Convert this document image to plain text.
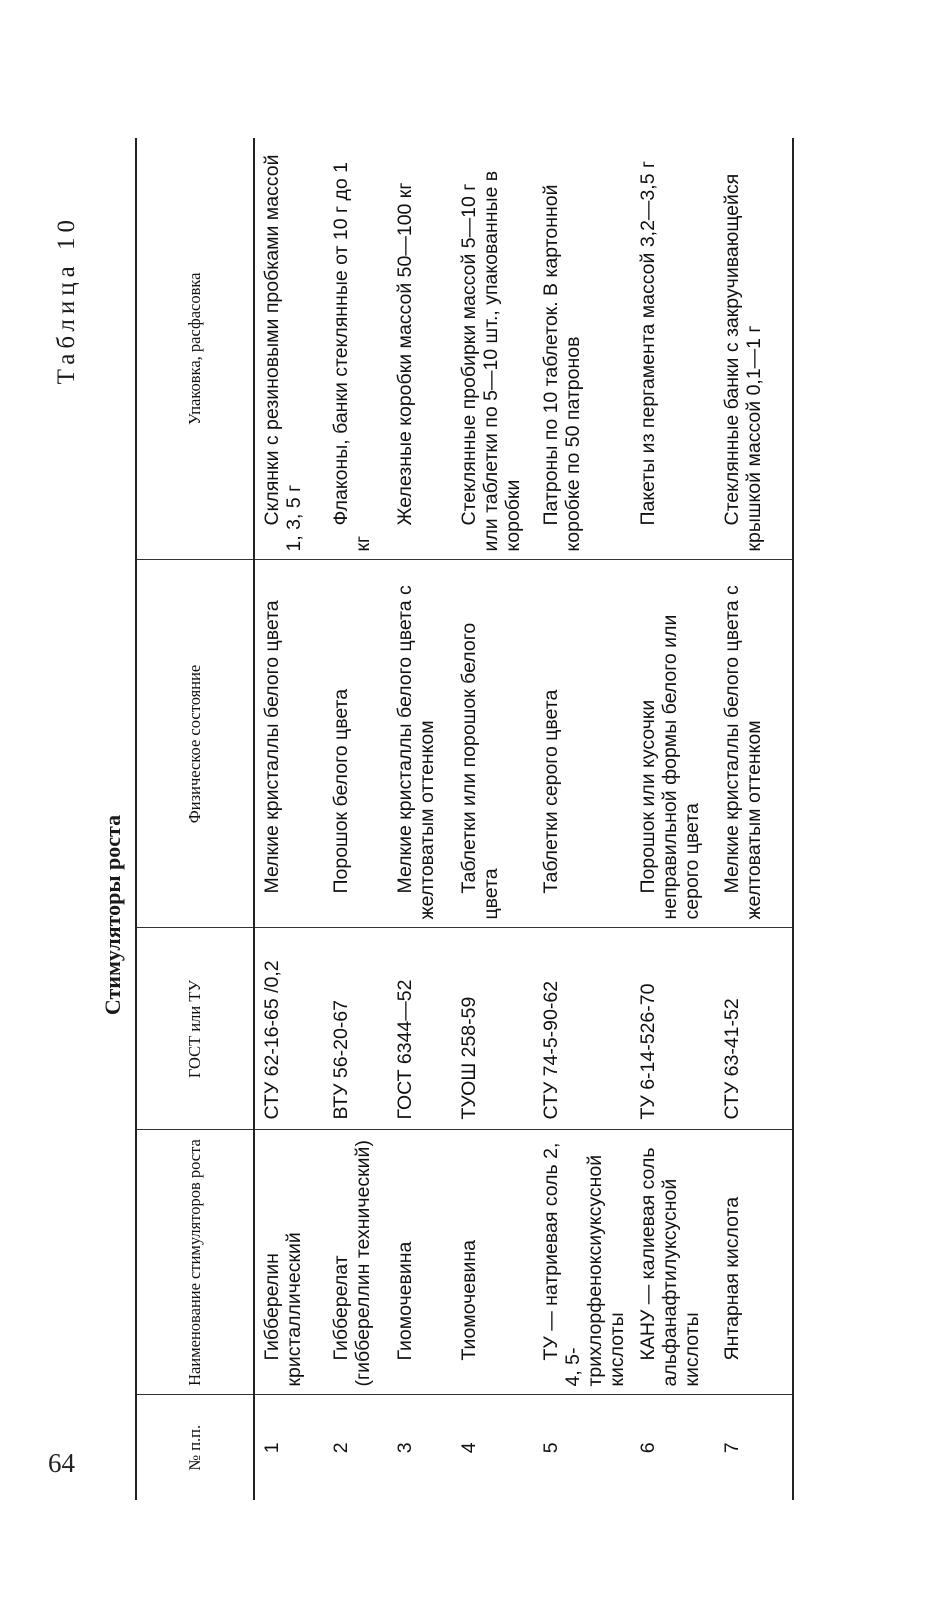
64
Таблица 10
Стимуляторы роста
№ п.п.	Наименование стимуляторов роста	ГОСТ или ТУ	Физическое состояние	Упаковка, расфасовка
1	Гибберелин кристаллический	СТУ 62-16-65 /0,2	Мелкие кристаллы белого цвета	Склянки с резиновыми пробками массой 1, 3, 5 г
2	Гибберелат (гиббереллин технический)	ВТУ 56-20-67	Порошок белого цвета	Флаконы, банки стеклянные от 10 г до 1 кг
3	Гиомочевина	ГОСТ 6344—52	Мелкие кристаллы белого цвета с желтоватым оттенком	Железные коробки массой 50—100 кг
4	Тиомочевина	ТУОШ 258-59	Таблетки или порошок белого цвета	Стеклянные пробирки массой 5—10 г или таблетки по 5—10 шт., упакованные в коробки
5	ТУ — натриевая соль 2, 4, 5-трихлорфеноксиуксусной кислоты	СТУ 74-5-90-62	Таблетки серого цвета	Патроны по 10 таблеток. В картонной коробке по 50 патронов
6	КАНУ — калиевая соль альфанафтилуксусной кислоты	ТУ 6-14-526-70	Порошок или кусочки неправильной формы белого или серого цвета	Пакеты из пергамента массой 3,2—3,5 г
7	Янтарная кислота	СТУ 63-41-52	Мелкие кристаллы белого цвета с желтоватым оттенком	Стеклянные банки с закручивающейся крышкой массой 0,1—1 г
